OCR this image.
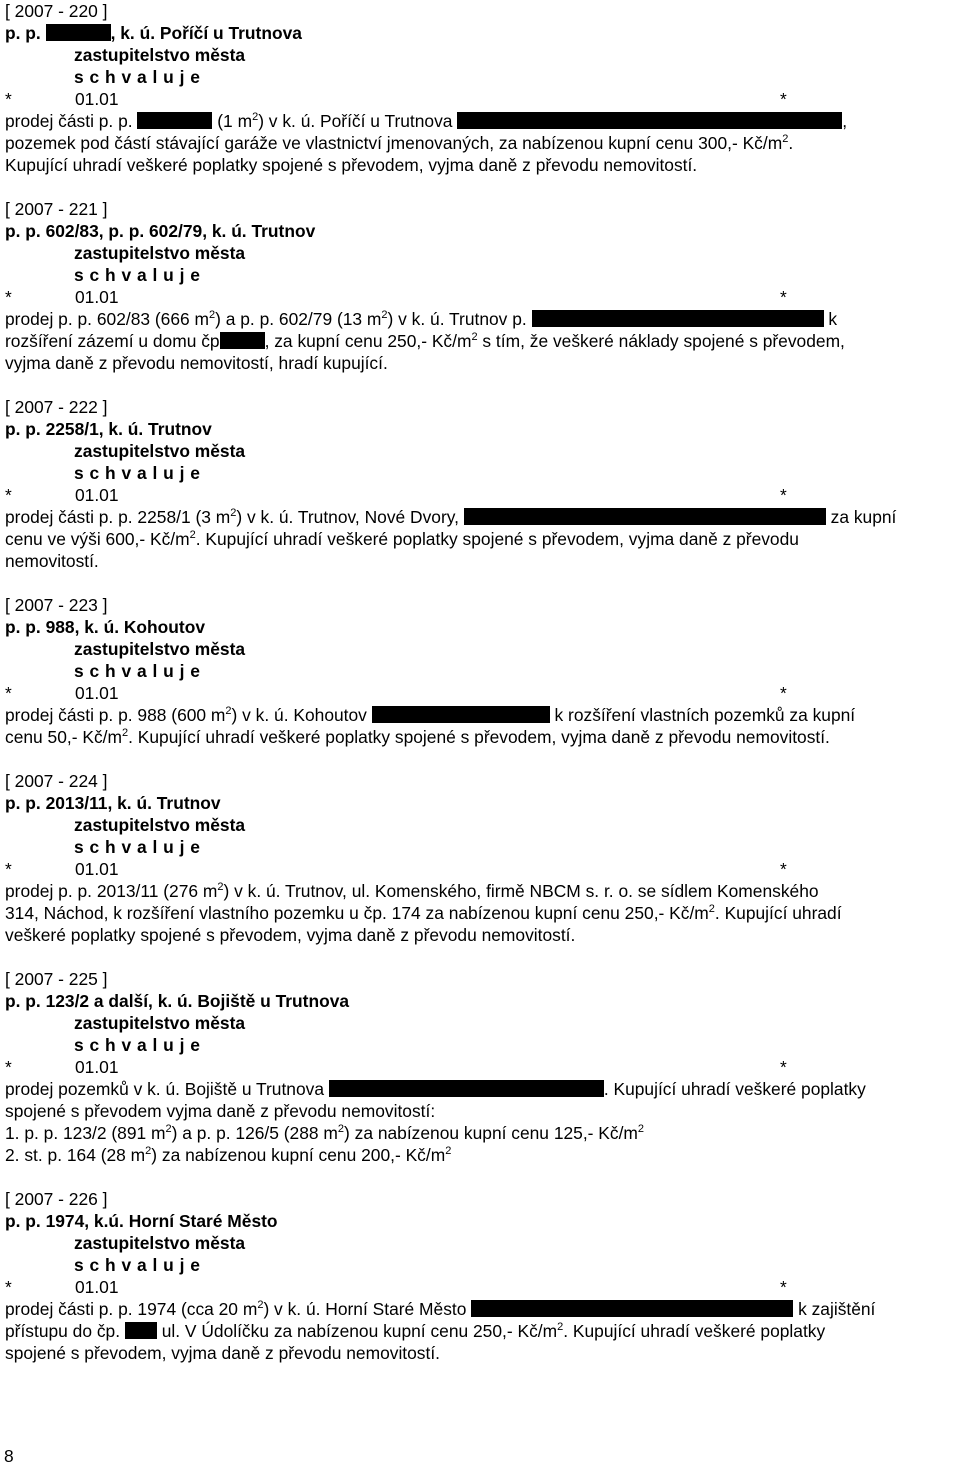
[ 2007 - 220 ]
p. p.	, k. ú. Poříčí u Trutnova
zastupitelstvo města
s c h v a l u j e
*	01.01	*
prodej části p. p.	(1 $m^2$) v k. ú. Poříčí u Trutnova	,
pozemek pod částí stávající garáže ve vlastnictví jmenovaných, za nabízenou kupní cenu 300,- $Kč/m^2$.
Kupující uhradí veškeré poplatky spojené s převodem, vyjma daně z převodu nemovitostí.
[ 2007 - 221 ]
p. p. 602/83, p. p. 602/79, k. ú. Trutnov
zastupitelstvo města
s c h v a l u j e
*	01.01	*
prodej p. p. 602/83 (666 $m^2$) a p. p. 602/79 (13 $m^2$) v k. ú. Trutnov p.	k
rozšíření zázemí u domu čp	, za kupní cenu 250,- $Kč/m^2$ s tím, že veškeré náklady spojené s převodem,
vyjma daně z převodu nemovitostí, hradí kupující.
[ 2007 - 222 ]
p. p. 2258/1, k. ú. Trutnov
zastupitelstvo města
s c h v a l u j e
*	01.01	*
prodej části p. p. 2258/1 (3 $m^2$) v k. ú. Trutnov, Nové Dvory,	za kupní
cenu ve výši 600,- $Kč/m^2$. Kupující uhradí veškeré poplatky spojené s převodem, vyjma daně z převodu
nemovitostí.
[ 2007 - 223 ]
p. p. 988, k. ú. Kohoutov
zastupitelstvo města
s c h v a l u j e
*	01.01	*
prodej části p. p. 988 (600 $m^2$) v k. ú. Kohoutov	k rozšíření vlastních pozemků za kupní
cenu 50,- $Kč/m^2$. Kupující uhradí veškeré poplatky spojené s převodem, vyjma daně z převodu nemovitostí.
[ 2007 - 224 ]
p. p. 2013/11, k. ú. Trutnov
zastupitelstvo města
s c h v a l u j e
*	01.01	*
prodej p. p. 2013/11 (276 $m^2$) v k. ú. Trutnov, ul. Komenského, firmě NBCM s. r. o. se sídlem Komenského
314, Náchod, k rozšíření vlastního pozemku u čp. 174 za nabízenou kupní cenu 250,- $Kč/m^2$. Kupující uhradí
veškeré poplatky spojené s převodem, vyjma daně z převodu nemovitostí.
[ 2007 - 225 ]
p. p. 123/2 a další, k. ú. Bojiště u Trutnova
zastupitelstvo města
s c h v a l u j e
*	01.01	*
prodej pozemků v k. ú. Bojiště u Trutnova	. Kupující uhradí veškeré poplatky
spojené s převodem vyjma daně z převodu nemovitostí:
1. p. p. 123/2 (891 $m^2$) a p. p. 126/5 (288 $m^2$) za nabízenou kupní cenu 125,- $Kč/m^2$
2. st. p. 164 (28 $m^2$) za nabízenou kupní cenu 200,- $Kč/m^2$
[ 2007 - 226 ]
p. p. 1974, k.ú. Horní Staré Město
zastupitelstvo města
s c h v a l u j e
*	01.01	*
prodej části p. p. 1974 (cca 20 $m^2$) v k. ú. Horní Staré Město	k zajištění
přístupu do čp.  ul. V Údolíčku za nabízenou kupní cenu 250,- $Kč/m^2$. Kupující uhradí veškeré poplatky
spojené s převodem, vyjma daně z převodu nemovitostí.
8
